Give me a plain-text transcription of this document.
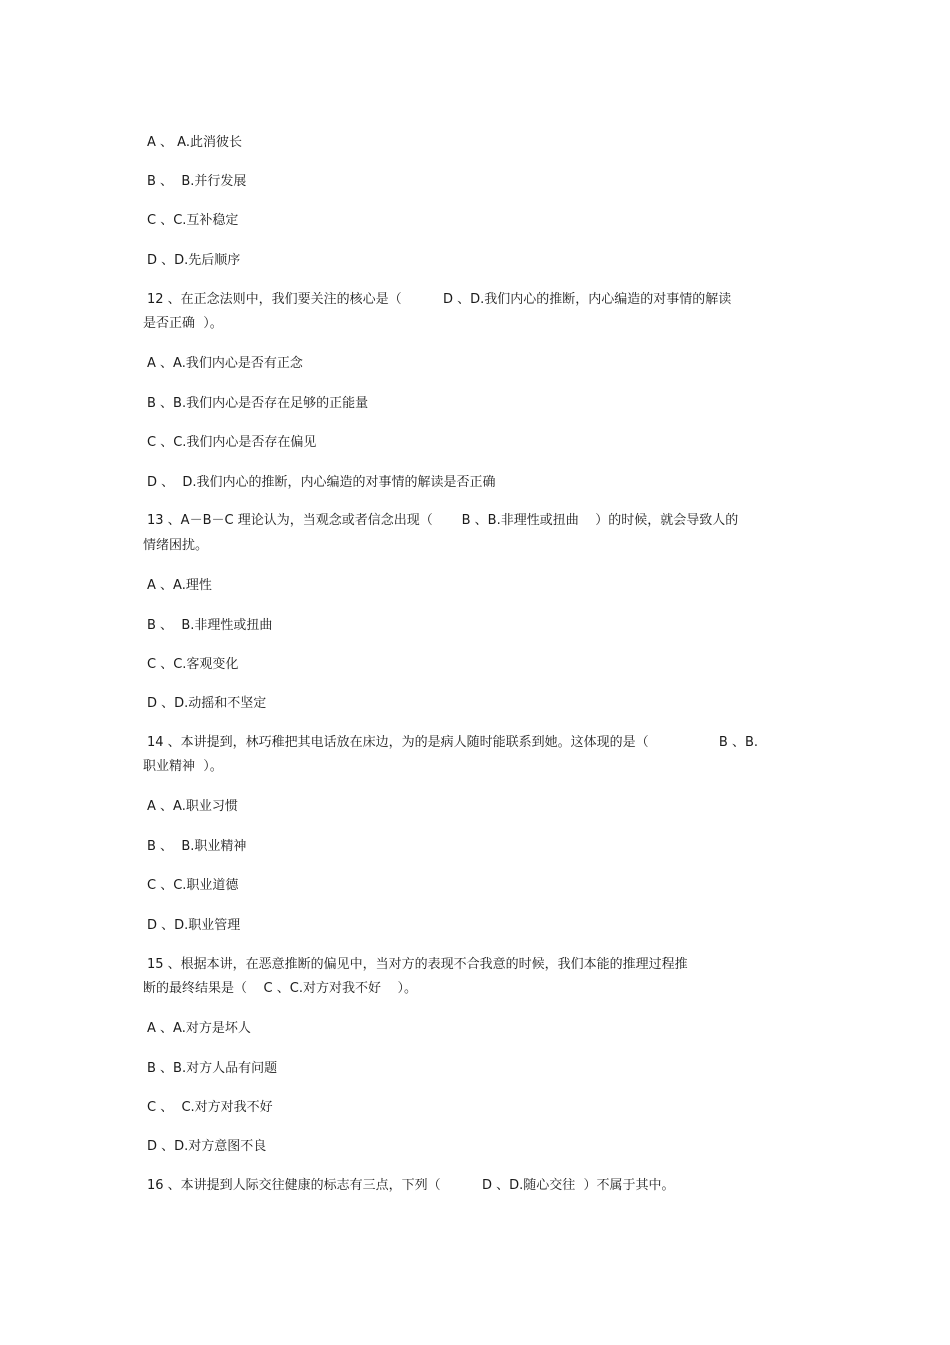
A 、 A.此消彼长
B 、  B.并行发展
C 、C.互补稳定
D 、D.先后顺序
12 、在正念法则中，我们要关注的核心是（          D 、D.我们内心的推断，内心编造的对事情的解读
是否正确  ）。
A 、A.我们内心是否有正念
B 、B.我们内心是否存在足够的正能量
C 、C.我们内心是否存在偏见
D 、  D.我们内心的推断，内心编造的对事情的解读是否正确
13 、A－B－C 理论认为，当观念或者信念出现（       B 、B.非理性或扭曲    ）的时候，就会导致人的
情绪困扰。
A 、A.理性
B 、  B.非理性或扭曲
C 、C.客观变化
D 、D.动摇和不坚定
14 、本讲提到，林巧稚把其电话放在床边，为的是病人随时能联系到她。这体现的是（                 B 、B.
职业精神  ）。
A 、A.职业习惯
B 、  B.职业精神
C 、C.职业道德
D 、D.职业管理
15 、根据本讲，在恶意推断的偏见中，当对方的表现不合我意的时候，我们本能的推理过程推
断的最终结果是（    C 、C.对方对我不好    ）。
A 、A.对方是坏人
B 、B.对方人品有问题
C 、  C.对方对我不好
D 、D.对方意图不良
16 、本讲提到人际交往健康的标志有三点，下列（          D 、D.随心交往  ）不属于其中。
